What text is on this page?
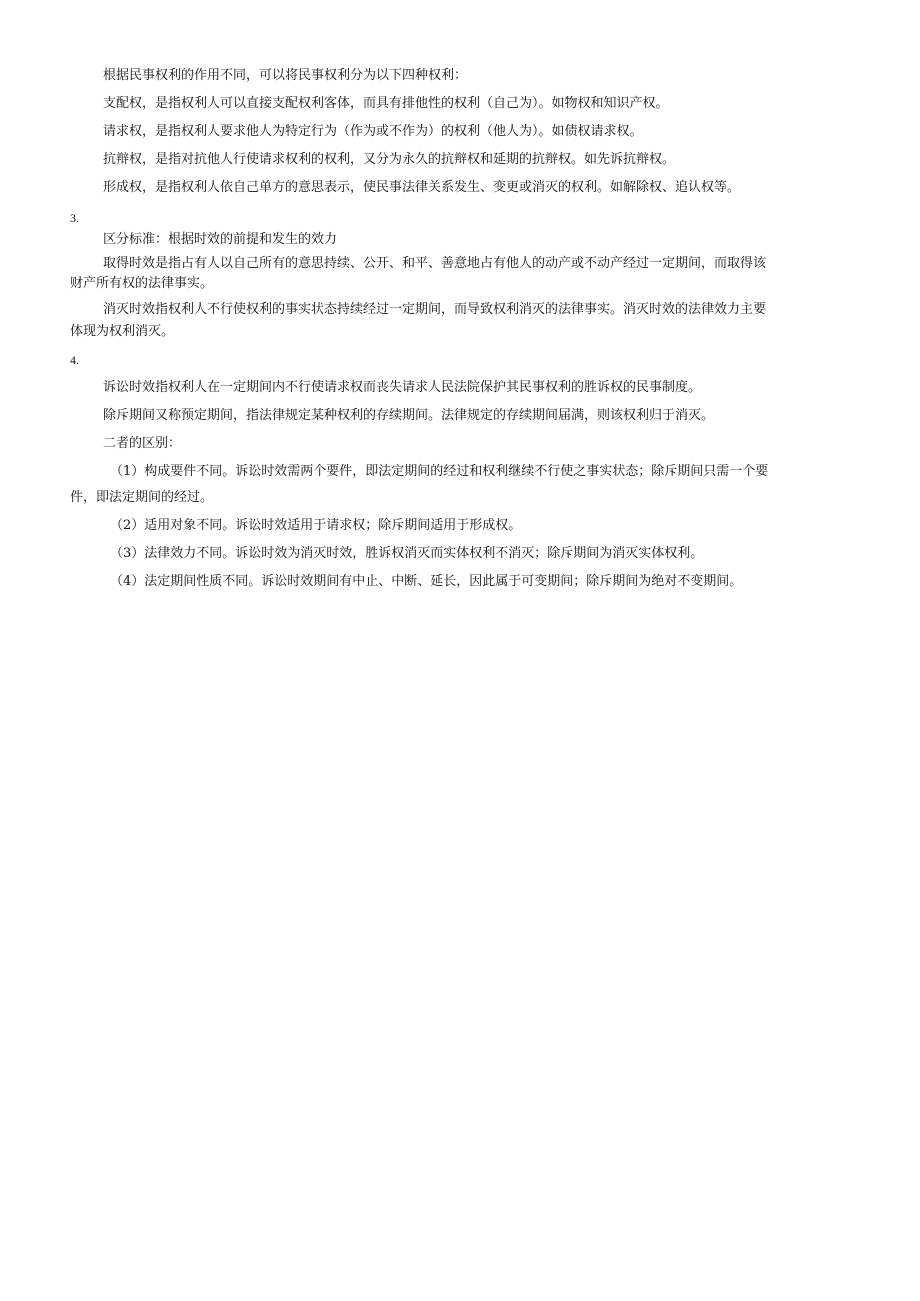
根据民事权利的作用不同，可以将民事权利分为以下四种权利：
支配权，是指权利人可以直接支配权利客体，而具有排他性的权利（自己为）。如物权和知识产权。
请求权，是指权利人要求他人为特定行为（作为或不作为）的权利（他人为）。如债权请求权。
抗辩权，是指对抗他人行使请求权利的权利，又分为永久的抗辩权和延期的抗辩权。如先诉抗辩权。
形成权，是指权利人依自己单方的意思表示，使民事法律关系发生、变更或消灭的权利。如解除权、追认权等。
3.
区分标准：根据时效的前提和发生的效力
取得时效是指占有人以自己所有的意思持续、公开、和平、善意地占有他人的动产或不动产经过一定期间，而取得该
财产所有权的法律事实。
消灭时效指权利人不行使权利的事实状态持续经过一定期间，而导致权利消灭的法律事实。消灭时效的法律效力主要
体现为权利消灭。
4.
诉讼时效指权利人在一定期间内不行使请求权而丧失请求人民法院保护其民事权利的胜诉权的民事制度。
除斥期间又称预定期间，指法律规定某种权利的存续期间。法律规定的存续期间届满，则该权利归于消灭。
二者的区别：
（1）构成要件不同。诉讼时效需两个要件，即法定期间的经过和权利继续不行使之事实状态；除斥期间只需一个要
件，即法定期间的经过。
（2）适用对象不同。诉讼时效适用于请求权；除斥期间适用于形成权。
（3）法律效力不同。诉讼时效为消灭时效，胜诉权消灭而实体权利不消灭；除斥期间为消灭实体权利。
（4）法定期间性质不同。诉讼时效期间有中止、中断、延长，因此属于可变期间；除斥期间为绝对不变期间。
